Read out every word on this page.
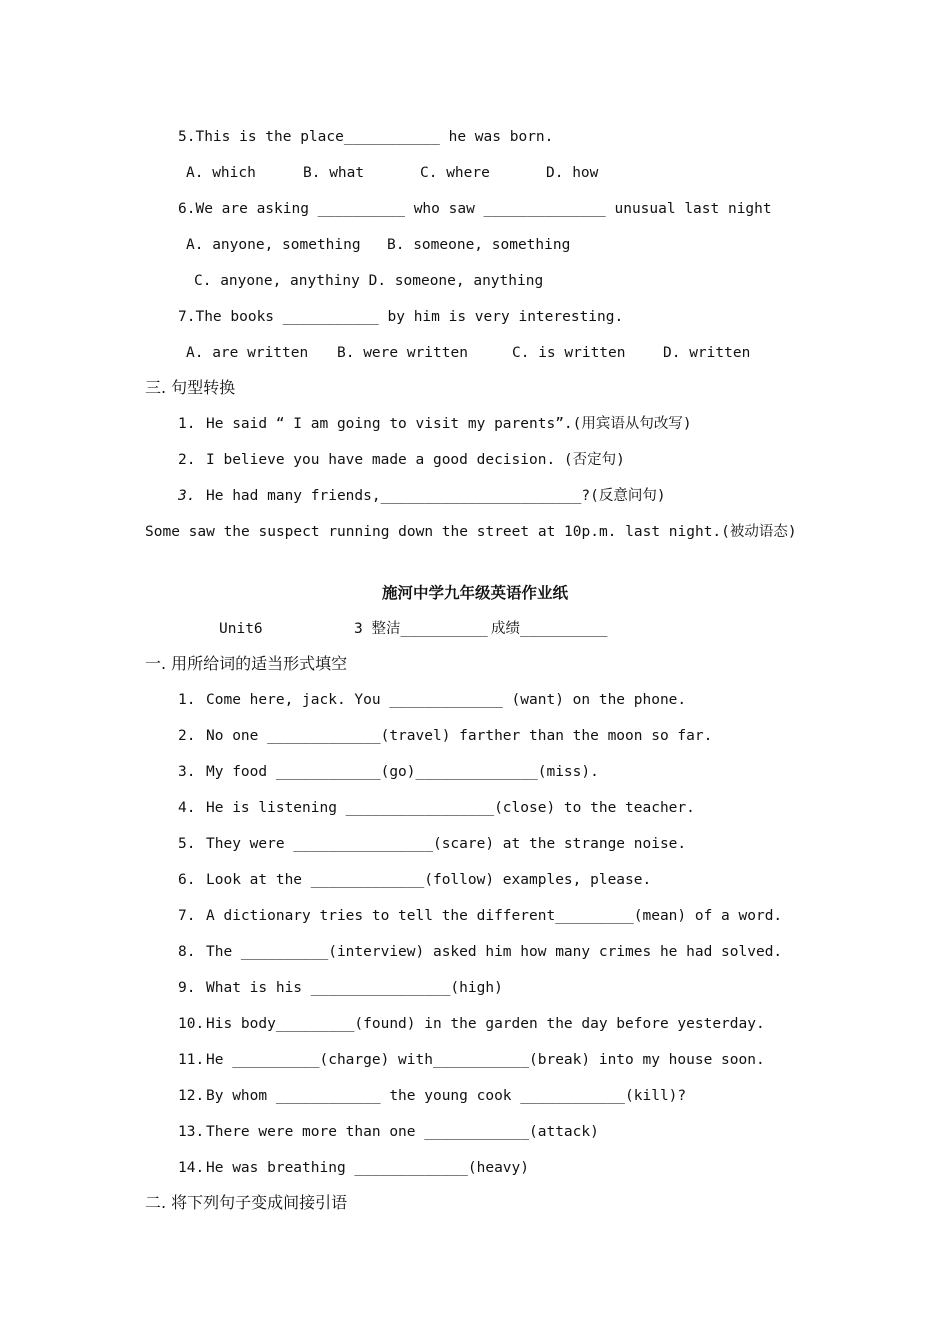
5.This is the place___________ he was born.
A. which	B. what	C. where	D. how
6.We are asking __________ who saw ______________ unusual last night
A. anyone, something B. someone, something
C. anyone, anythiny D. someone, anything
7.The books ___________ by him is very interesting.
A. are written B. were written	C. is written	D. written
三. 句型转换
1. He said “ I am going to visit my parents”.(用宾语从句改写)
2. I believe you have made a good decision. (否定句)
3. He had many friends,_______________________?(反意问句)
Some saw the suspect running down the street at 10p.m. last night.(被动语态)
施河中学九年级英语作业纸
Unit6	3 整洁__________ 成绩__________
一. 用所给词的适当形式填空
1. Come here, jack. You _____________ (want) on the phone.
2. No one _____________(travel) farther than the moon so far.
3. My food ____________(go)______________(miss).
4. He is listening _________________(close) to the teacher.
5. They were ________________(scare) at the strange noise.
6. Look at the _____________(follow) examples, please.
7. A dictionary tries to tell the different_________(mean) of a word.
8. The __________(interview) asked him how many crimes he had solved.
9. What is his ________________(high)
10. His body_________(found) in the garden the day before yesterday.
11. He __________(charge) with___________(break) into my house soon.
12. By whom ____________ the young cook ____________(kill)?
13. There were more than one ____________(attack)
14. He was breathing _____________(heavy)
二. 将下列句子变成间接引语
